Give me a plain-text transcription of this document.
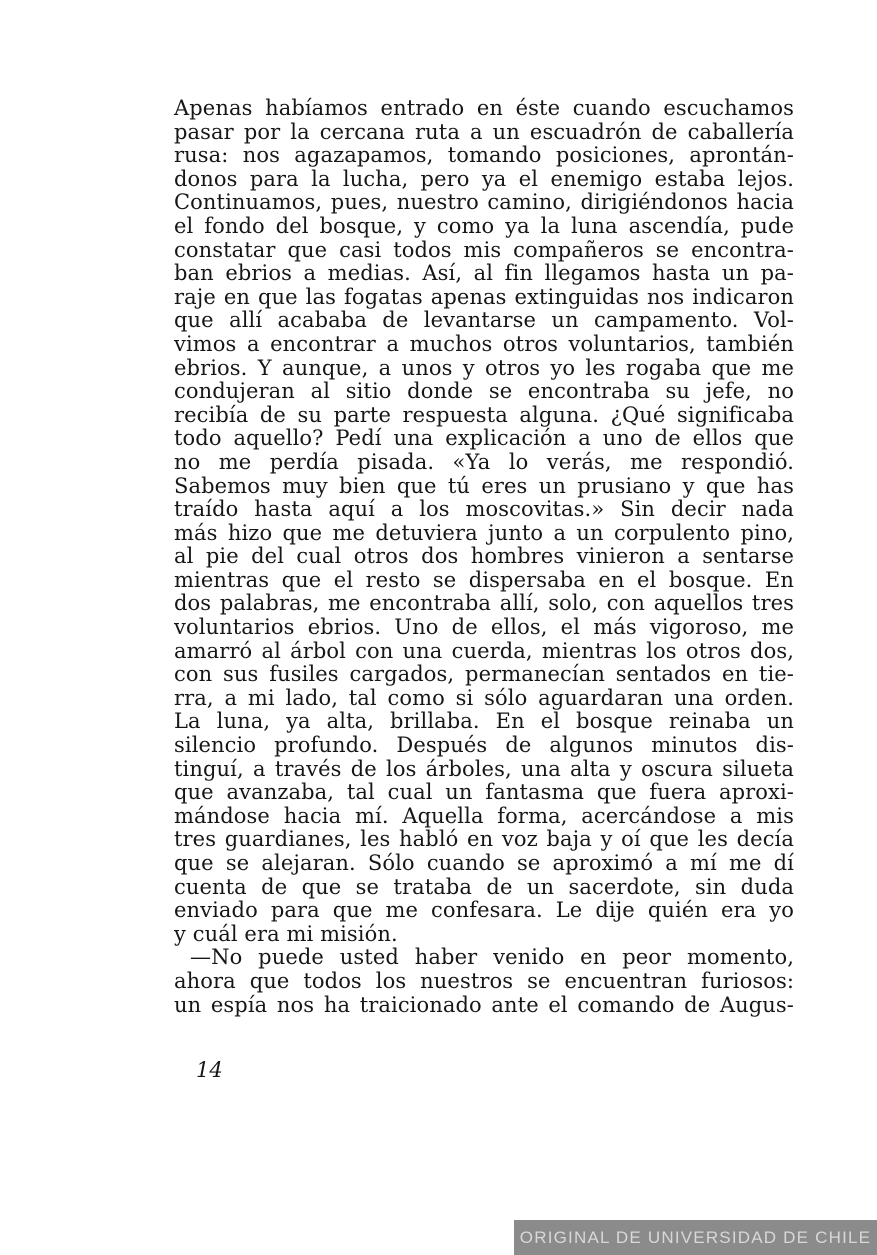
Apenas habíamos entrado en éste cuando escuchamos
pasar por la cercana ruta a un escuadrón de caballería
rusa: nos agazapamos, tomando posiciones, aprontán-
donos para la lucha, pero ya el enemigo estaba lejos.
Continuamos, pues, nuestro camino, dirigiéndonos hacia
el fondo del bosque, y como ya la luna ascendía, pude
constatar que casi todos mis compañeros se encontra-
ban ebrios a medias. Así, al fin llegamos hasta un pa-
raje en que las fogatas apenas extinguidas nos indicaron
que allí acababa de levantarse un campamento. Vol-
vimos a encontrar a muchos otros voluntarios, también
ebrios. Y aunque, a unos y otros yo les rogaba que me
condujeran al sitio donde se encontraba su jefe, no
recibía de su parte respuesta alguna. ¿Qué significaba
todo aquello? Pedí una explicación a uno de ellos que
no me perdía pisada. «Ya lo verás, me respondió.
Sabemos muy bien que tú eres un prusiano y que has
traído hasta aquí a los moscovitas.» Sin decir nada
más hizo que me detuviera junto a un corpulento pino,
al pie del cual otros dos hombres vinieron a sentarse
mientras que el resto se dispersaba en el bosque. En
dos palabras, me encontraba allí, solo, con aquellos tres
voluntarios ebrios. Uno de ellos, el más vigoroso, me
amarró al árbol con una cuerda, mientras los otros dos,
con sus fusiles cargados, permanecían sentados en tie-
rra, a mi lado, tal como si sólo aguardaran una orden.
La luna, ya alta, brillaba. En el bosque reinaba un
silencio profundo. Después de algunos minutos dis-
tinguí, a través de los árboles, una alta y oscura silueta
que avanzaba, tal cual un fantasma que fuera aproxi-
mándose hacia mí. Aquella forma, acercándose a mis
tres guardianes, les habló en voz baja y oí que les decía
que se alejaran. Sólo cuando se aproximó a mí me dí
cuenta de que se trataba de un sacerdote, sin duda
enviado para que me confesara. Le dije quién era yo
y cuál era mi misión.
—No puede usted haber venido en peor momento,
ahora que todos los nuestros se encuentran furiosos:
un espía nos ha traicionado ante el comando de Augus-
14
ORIGINAL DE UNIVERSIDAD DE CHILE
